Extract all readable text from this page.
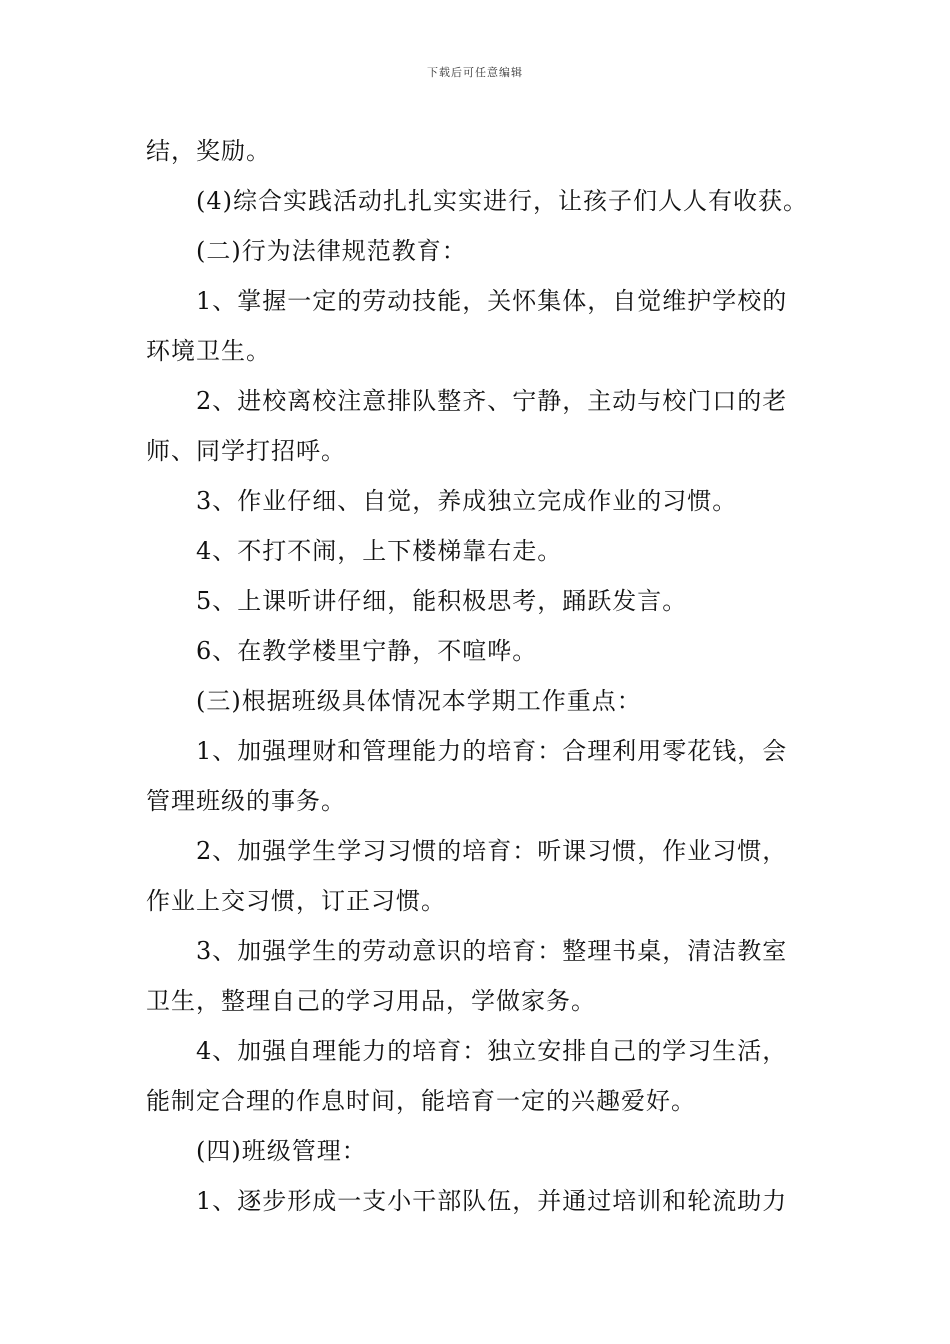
下载后可任意编辑
结，奖励。
(4)综合实践活动扎扎实实进行，让孩子们人人有收获。
(二)行为法律规范教育：
1、掌握一定的劳动技能，关怀集体，自觉维护学校的
环境卫生。
2、进校离校注意排队整齐、宁静，主动与校门口的老
师、同学打招呼。
3、作业仔细、自觉，养成独立完成作业的习惯。
4、不打不闹，上下楼梯靠右走。
5、上课听讲仔细，能积极思考，踊跃发言。
6、在教学楼里宁静，不喧哗。
(三)根据班级具体情况本学期工作重点：
1、加强理财和管理能力的培育：合理利用零花钱，会
管理班级的事务。
2、加强学生学习习惯的培育：听课习惯，作业习惯，
作业上交习惯，订正习惯。
3、加强学生的劳动意识的培育：整理书桌，清洁教室
卫生，整理自己的学习用品，学做家务。
4、加强自理能力的培育：独立安排自己的学习生活，
能制定合理的作息时间，能培育一定的兴趣爱好。
(四)班级管理：
1、逐步形成一支小干部队伍，并通过培训和轮流助力
